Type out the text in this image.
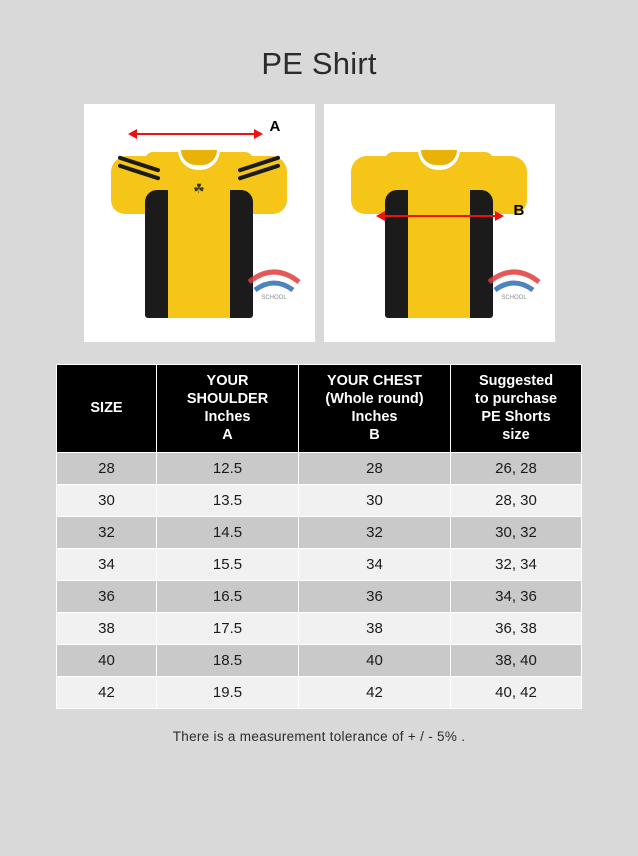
PE Shirt
☘
A
SCHOOL
B
SCHOOL
SIZE

YOUR
SHOULDER
Inches
A

YOUR CHEST
(Whole round)
Inches
B

Suggested
to purchase
PE Shorts
size

28	12.5	28	26, 28
30	13.5	30	28, 30
32	14.5	32	30, 32
34	15.5	34	32, 34
36	16.5	36	34, 36
38	17.5	38	36, 38
40	18.5	40	38, 40
42	19.5	42	40, 42
There is a measurement tolerance of + / - 5% .
